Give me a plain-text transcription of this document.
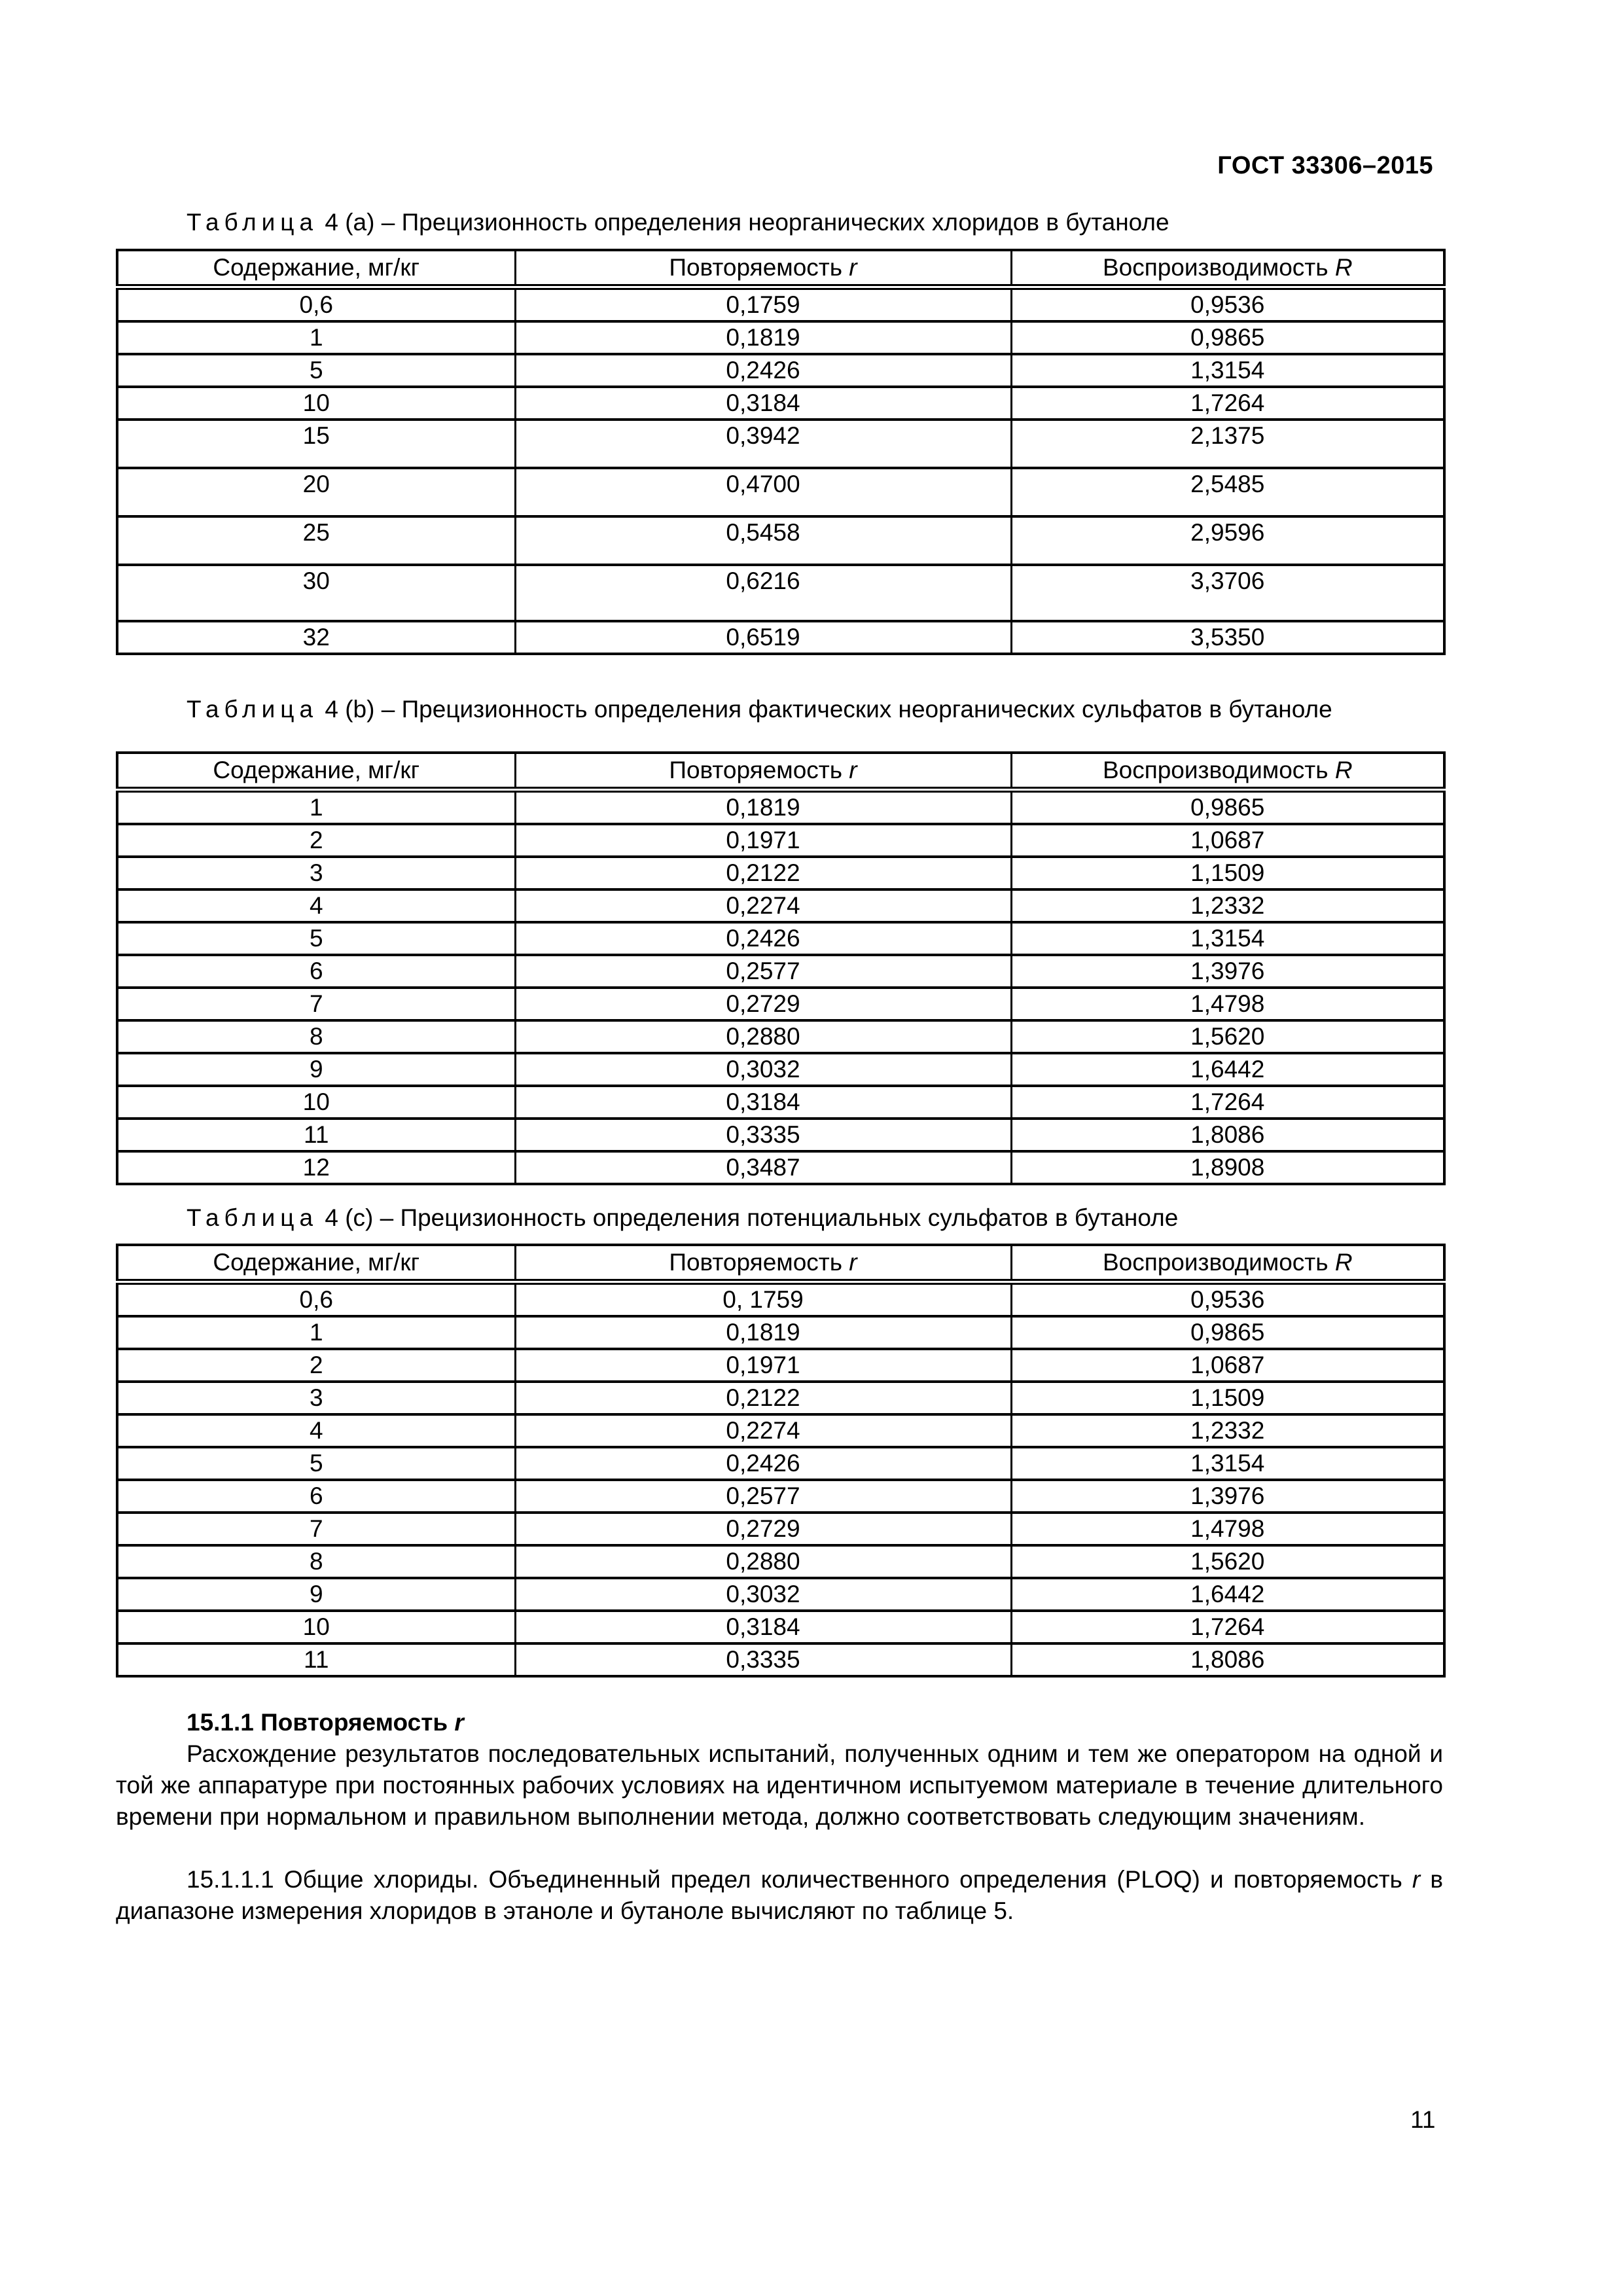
ГОСТ 33306–2015
Таблица 4 (a) – Прецизионность определения неорганических хлоридов в бутаноле
Содержание, мг/кг	Повторяемость r	Воспроизводимость R
0,6	0,1759	0,9536
1	0,1819	0,9865
5	0,2426	1,3154
10	0,3184	1,7264
15	0,3942	2,1375
20	0,4700	2,5485
25	0,5458	2,9596
30	0,6216	3,3706
32	0,6519	3,5350
Таблица 4 (b) – Прецизионность определения фактических неорганических сульфатов в бутаноле
Содержание, мг/кг	Повторяемость r	Воспроизводимость R
1	0,1819	0,9865
2	0,1971	1,0687
3	0,2122	1,1509
4	0,2274	1,2332
5	0,2426	1,3154
6	0,2577	1,3976
7	0,2729	1,4798
8	0,2880	1,5620
9	0,3032	1,6442
10	0,3184	1,7264
11	0,3335	1,8086
12	0,3487	1,8908
Таблица 4 (c) – Прецизионность определения потенциальных сульфатов в бутаноле
Содержание, мг/кг	Повторяемость r	Воспроизводимость R
0,6	0, 1759	0,9536
1	0,1819	0,9865
2	0,1971	1,0687
3	0,2122	1,1509
4	0,2274	1,2332
5	0,2426	1,3154
6	0,2577	1,3976
7	0,2729	1,4798
8	0,2880	1,5620
9	0,3032	1,6442
10	0,3184	1,7264
11	0,3335	1,8086
15.1.1 Повторяемость r
Расхождение результатов последовательных испытаний, полученных одним и тем же оператором на одной и той же аппаратуре при постоянных рабочих условиях на идентичном испытуемом материале в течение длительного времени при нормальном и правильном выполнении метода, должно соответствовать следующим значениям.
15.1.1.1 Общие хлориды. Объединенный предел количественного определения (PLOQ) и повторяемость r в диапазоне измерения хлоридов в этаноле и бутаноле вычисляют по таблице 5.
11
